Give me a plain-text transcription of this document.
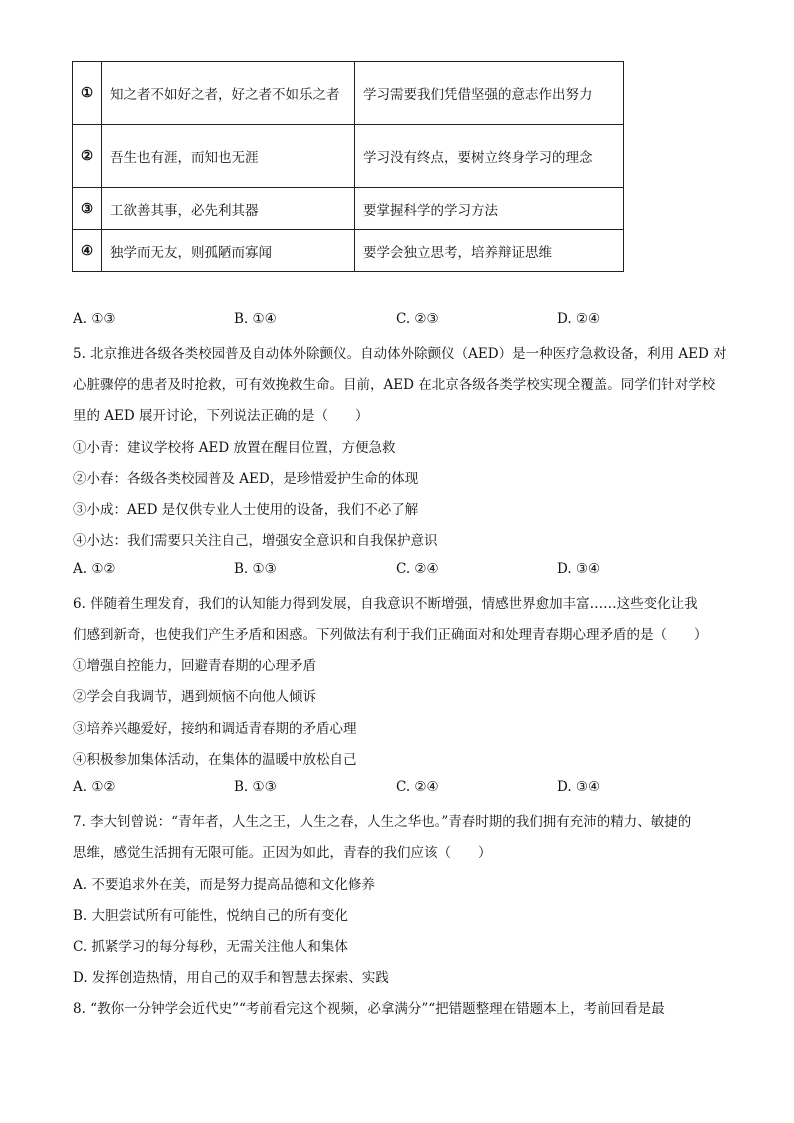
①	知之者不如好之者，好之者不如乐之者	学习需要我们凭借坚强的意志作出努力
②	吾生也有涯，而知也无涯	学习没有终点，要树立终身学习的理念
③	工欲善其事，必先利其器	要掌握科学的学习方法
④	独学而无友，则孤陋而寡闻	要学会独立思考，培养辩证思维
A. ①③	B. ①④	C. ②③	D. ②④
5. 北京推进各级各类校园普及自动体外除颤仪。自动体外除颤仪（AED）是一种医疗急救设备，利用 AED 对
心脏骤停的患者及时抢救，可有效挽救生命。目前，AED 在北京各级各类学校实现全覆盖。同学们针对学校
里的 AED 展开讨论，下列说法正确的是（　　）
①小青：建议学校将 AED 放置在醒目位置，方便急救
②小春：各级各类校园普及 AED，是珍惜爱护生命的体现
③小成：AED 是仅供专业人士使用的设备，我们不必了解
④小达：我们需要只关注自己，增强安全意识和自我保护意识
A. ①②	B. ①③	C. ②④	D. ③④
6. 伴随着生理发育，我们的认知能力得到发展，自我意识不断增强，情感世界愈加丰富……这些变化让我
们感到新奇，也使我们产生矛盾和困惑。下列做法有利于我们正确面对和处理青春期心理矛盾的是（　　）
①增强自控能力，回避青春期的心理矛盾
②学会自我调节，遇到烦恼不向他人倾诉
③培养兴趣爱好，接纳和调适青春期的矛盾心理
④积极参加集体活动，在集体的温暖中放松自己
A. ①②	B. ①③	C. ②④	D. ③④
7. 李大钊曾说：“青年者，人生之王，人生之春，人生之华也。”青春时期的我们拥有充沛的精力、敏捷的
思维，感觉生活拥有无限可能。正因为如此，青春的我们应该（　　）
A. 不要追求外在美，而是努力提高品德和文化修养
B. 大胆尝试所有可能性，悦纳自己的所有变化
C. 抓紧学习的每分每秒，无需关注他人和集体
D. 发挥创造热情，用自己的双手和智慧去探索、实践
8. “教你一分钟学会近代史”“考前看完这个视频，必拿满分”“把错题整理在错题本上，考前回看是最
